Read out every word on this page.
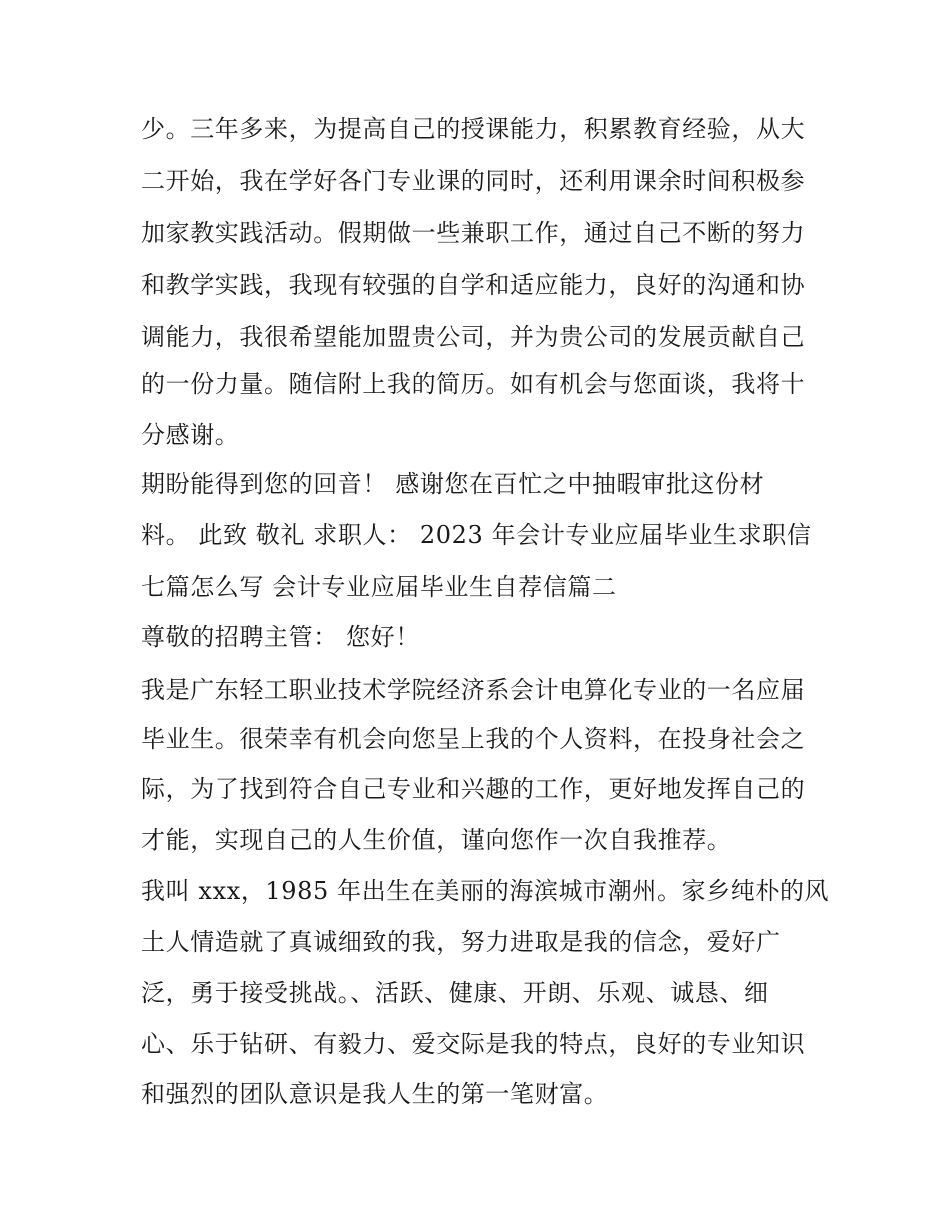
少。三年多来，为提高自己的授课能力，积累教育经验，从大
二开始，我在学好各门专业课的同时，还利用课余时间积极参
加家教实践活动。假期做一些兼职工作，通过自己不断的努力
和教学实践，我现有较强的自学和适应能力，良好的沟通和协
调能力，我很希望能加盟贵公司，并为贵公司的发展贡献自己
的一份力量。随信附上我的简历。如有机会与您面谈，我将十
分感谢。
期盼能得到您的回音！ 感谢您在百忙之中抽暇审批这份材
料。 此致 敬礼 求职人： 2023 年会计专业应届毕业生求职信
七篇怎么写 会计专业应届毕业生自荐信篇二
尊敬的招聘主管： 您好！
我是广东轻工职业技术学院经济系会计电算化专业的一名应届
毕业生。很荣幸有机会向您呈上我的个人资料，在投身社会之
际，为了找到符合自己专业和兴趣的工作，更好地发挥自己的
才能，实现自己的人生价值，谨向您作一次自我推荐。
我叫 xxx，1985 年出生在美丽的海滨城市潮州。家乡纯朴的风
土人情造就了真诚细致的我，努力进取是我的信念，爱好广
泛，勇于接受挑战。、活跃、健康、开朗、乐观、诚恳、细
心、乐于钻研、有毅力、爱交际是我的特点，良好的专业知识
和强烈的团队意识是我人生的第一笔财富。
